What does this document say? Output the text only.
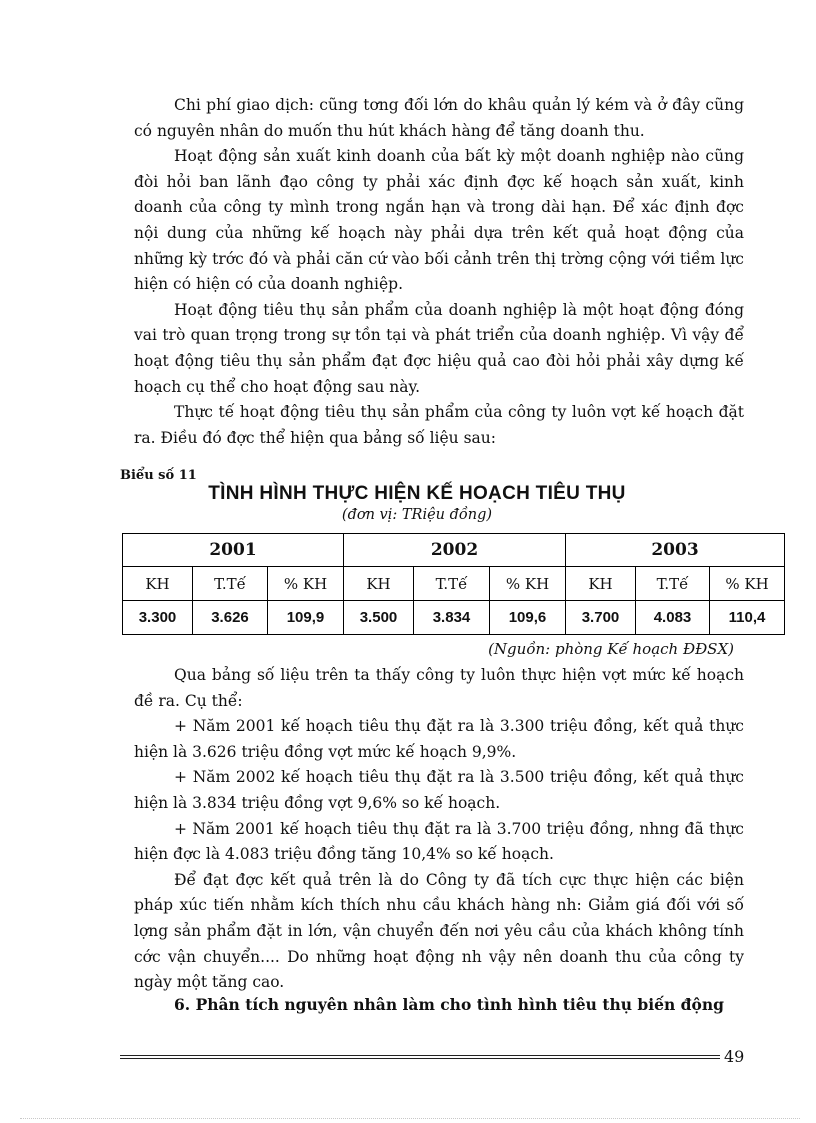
Chi phí giao dịch: cũng tơng đối lớn do khâu quản lý kém và ở đây cũng có nguyên nhân do muốn thu hút khách hàng để tăng doanh thu.

Hoạt động sản xuất kinh doanh của bất kỳ một doanh nghiệp nào cũng đòi hỏi ban lãnh đạo công ty phải xác định đợc kế hoạch sản xuất, kinh doanh của công ty mình trong ngắn hạn và trong dài hạn. Để xác định đợc nội dung của những kế hoạch này phải dựa trên kết quả hoạt động của những kỳ trớc đó và phải căn cứ vào bối cảnh trên thị trờng cộng với tiềm lực hiện có hiện có của doanh nghiệp.

Hoạt động tiêu thụ sản phẩm của doanh nghiệp là một hoạt động đóng vai trò quan trọng trong sự tồn tại và phát triển của doanh nghiệp. Vì vậy để hoạt động tiêu thụ sản phẩm đạt đợc hiệu quả cao đòi hỏi phải xây dựng kế hoạch cụ thể cho hoạt động sau này.

Thực tế hoạt động tiêu thụ sản phẩm của công ty luôn vợt kế hoạch đặt ra. Điều đó đợc thể hiện qua bảng số liệu sau:

Biểu số 11
TÌNH HÌNH THỰC HIỆN KẾ HOẠCH TIÊU THỤ
(đơn vị: TRiệu đồng)
2001			2002			2003		
KH	T.Tế	% KH	KH	T.Tế	% KH	KH	T.Tế	% KH
3.300	3.626	109,9	3.500	3.834	109,6	3.700	4.083	110,4
(Nguồn: phòng Kế hoạch ĐĐSX)

Qua bảng số liệu trên ta thấy công ty luôn thực hiện vợt mức kế hoạch đề ra. Cụ thể:

+ Năm 2001 kế hoạch tiêu thụ đặt ra là 3.300 triệu đồng, kết quả thực hiện là 3.626 triệu đồng vợt mức kế hoạch 9,9%.

+ Năm 2002 kế hoạch tiêu thụ đặt ra là 3.500 triệu đồng, kết quả thực hiện là 3.834 triệu đồng vợt 9,6% so kế hoạch.

+ Năm 2001 kế hoạch tiêu thụ đặt ra là 3.700 triệu đồng, nhng đã thực hiện đợc là 4.083 triệu đồng tăng 10,4% so kế hoạch.

Để đạt đợc kết quả trên là do Công ty đã tích cực thực hiện các biện pháp xúc tiến nhằm kích thích nhu cầu khách hàng nh: Giảm giá đối với số lợng sản phẩm đặt in lớn, vận chuyển đến nơi yêu cầu của khách không tính cớc vận chuyển.... Do những hoạt động nh vậy nên doanh thu của công ty ngày một tăng cao.

6. Phân tích nguyên nhân làm cho tình hình tiêu thụ biến động
49
